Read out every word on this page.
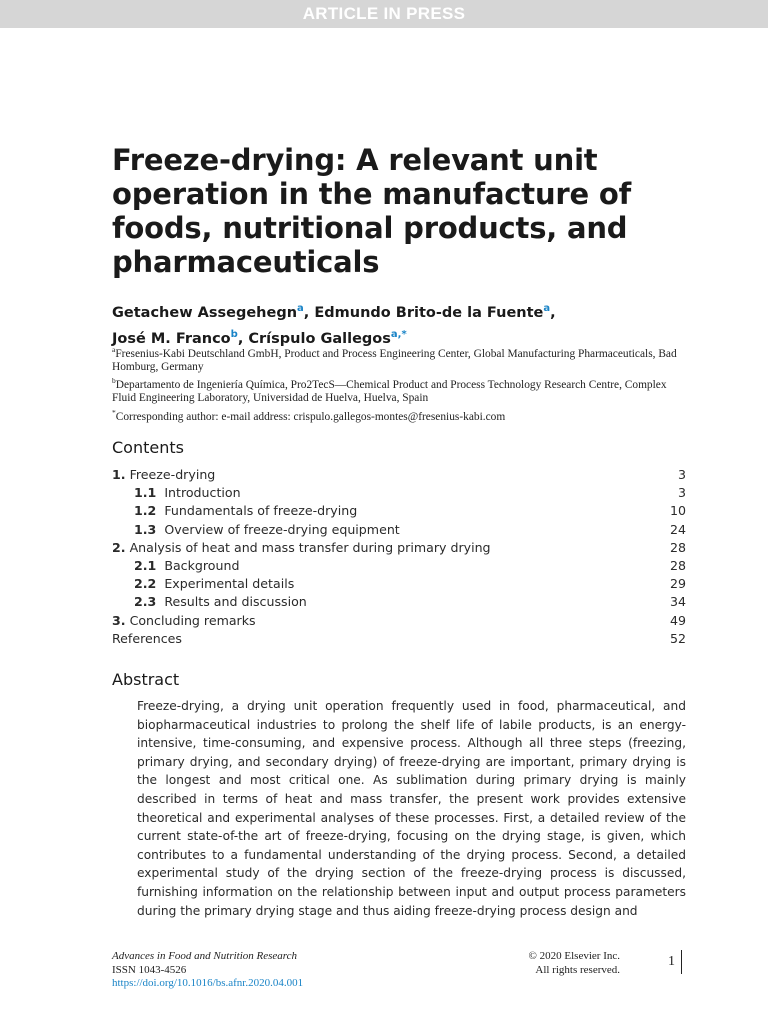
ARTICLE IN PRESS
Freeze-drying: A relevant unit operation in the manufacture of foods, nutritional products, and pharmaceuticals
Getachew Assegehegn$^a$, Edmundo Brito-de la Fuente$^a$,
José M. Franco$^b$, Críspulo Gallegos$^{a,*}$
$^a$Fresenius-Kabi Deutschland GmbH, Product and Process Engineering Center, Global Manufacturing Pharmaceuticals, Bad Homburg, Germany
$^b$Departamento de Ingeniería Química, Pro2TecS—Chemical Product and Process Technology Research Centre, Complex Fluid Engineering Laboratory, Universidad de Huelva, Huelva, Spain
*Corresponding author: e-mail address: crispulo.gallegos-montes@fresenius-kabi.com
Contents
1. Freeze-drying	3
1.1 Introduction	3
1.2 Fundamentals of freeze-drying	10
1.3 Overview of freeze-drying equipment	24
2. Analysis of heat and mass transfer during primary drying	28
2.1 Background	28
2.2 Experimental details	29
2.3 Results and discussion	34
3. Concluding remarks	49
References	52
Abstract

Freeze-drying, a drying unit operation frequently used in food, pharmaceutical, and biopharmaceutical industries to prolong the shelf life of labile products, is an energy-intensive, time-consuming, and expensive process. Although all three steps (freezing, primary drying, and secondary drying) of freeze-drying are important, primary drying is the longest and most critical one. As sublimation during primary drying is mainly described in terms of heat and mass transfer, the present work provides extensive theoretical and experimental analyses of these processes. First, a detailed review of the current state-of-the art of freeze-drying, focusing on the drying stage, is given, which contributes to a fundamental understanding of the drying process. Second, a detailed experimental study of the drying section of the freeze-drying process is discussed, furnishing information on the relationship between input and output process parameters during the primary drying stage and thus aiding freeze-drying process design and

Advances in Food and Nutrition Research
ISSN 1043-4526
https://doi.org/10.1016/bs.afnr.2020.04.001
© 2020 Elsevier Inc.
All rights reserved.
1
